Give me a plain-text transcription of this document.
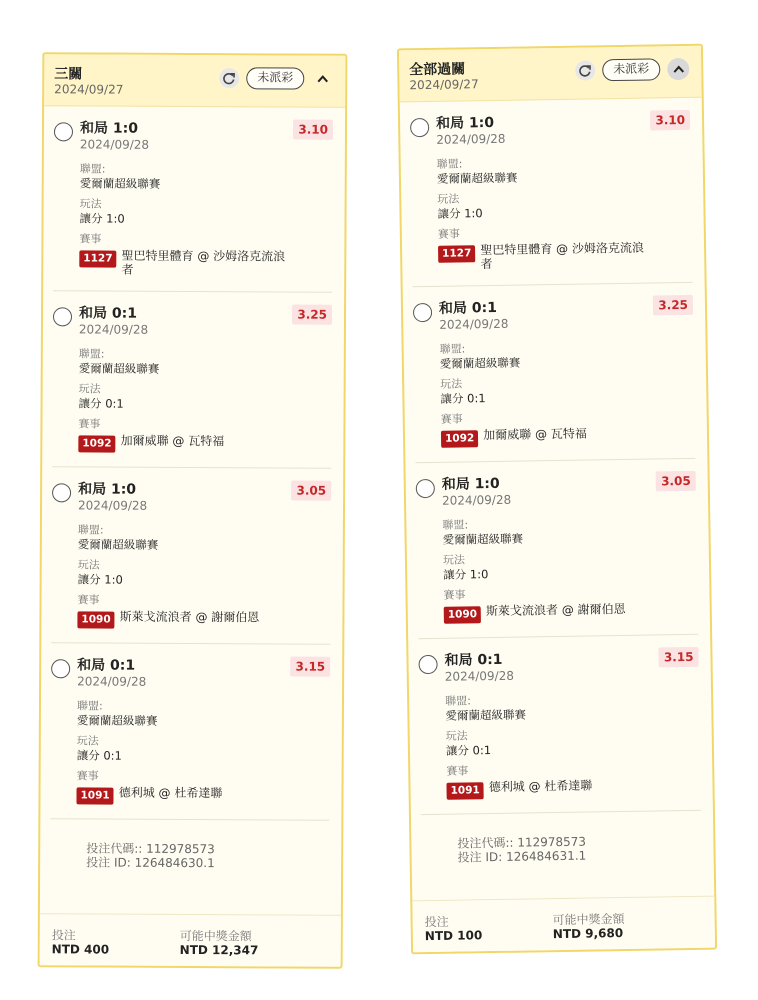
三關
2024/09/27
未派彩
和局 1:0
2024/09/28
3.10
聯盟:
愛爾蘭超級聯賽
玩法
讓分 1:0
賽事
1127 聖巴特里體育 @ 沙姆洛克流浪者
和局 0:1
2024/09/28
3.25
聯盟:
愛爾蘭超級聯賽
玩法
讓分 0:1
賽事
1092 加爾威聯 @ 瓦特福
和局 1:0
2024/09/28
3.05
聯盟:
愛爾蘭超級聯賽
玩法
讓分 1:0
賽事
1090 斯萊戈流浪者 @ 謝爾伯恩
和局 0:1
2024/09/28
3.15
聯盟:
愛爾蘭超級聯賽
玩法
讓分 0:1
賽事
1091 德利城 @ 杜希達聯
投注代碼:: 112978573
投注 ID: 126484630.1
投注
NTD 400
可能中獎金額
NTD 12,347
全部過關
2024/09/27
未派彩
和局 1:0
2024/09/28
3.10
聯盟:
愛爾蘭超級聯賽
玩法
讓分 1:0
賽事
1127 聖巴特里體育 @ 沙姆洛克流浪者
和局 0:1
2024/09/28
3.25
聯盟:
愛爾蘭超級聯賽
玩法
讓分 0:1
賽事
1092 加爾威聯 @ 瓦特福
和局 1:0
2024/09/28
3.05
聯盟:
愛爾蘭超級聯賽
玩法
讓分 1:0
賽事
1090 斯萊戈流浪者 @ 謝爾伯恩
和局 0:1
2024/09/28
3.15
聯盟:
愛爾蘭超級聯賽
玩法
讓分 0:1
賽事
1091 德利城 @ 杜希達聯
投注代碼:: 112978573
投注 ID: 126484631.1
投注
NTD 100
可能中獎金額
NTD 9,680
